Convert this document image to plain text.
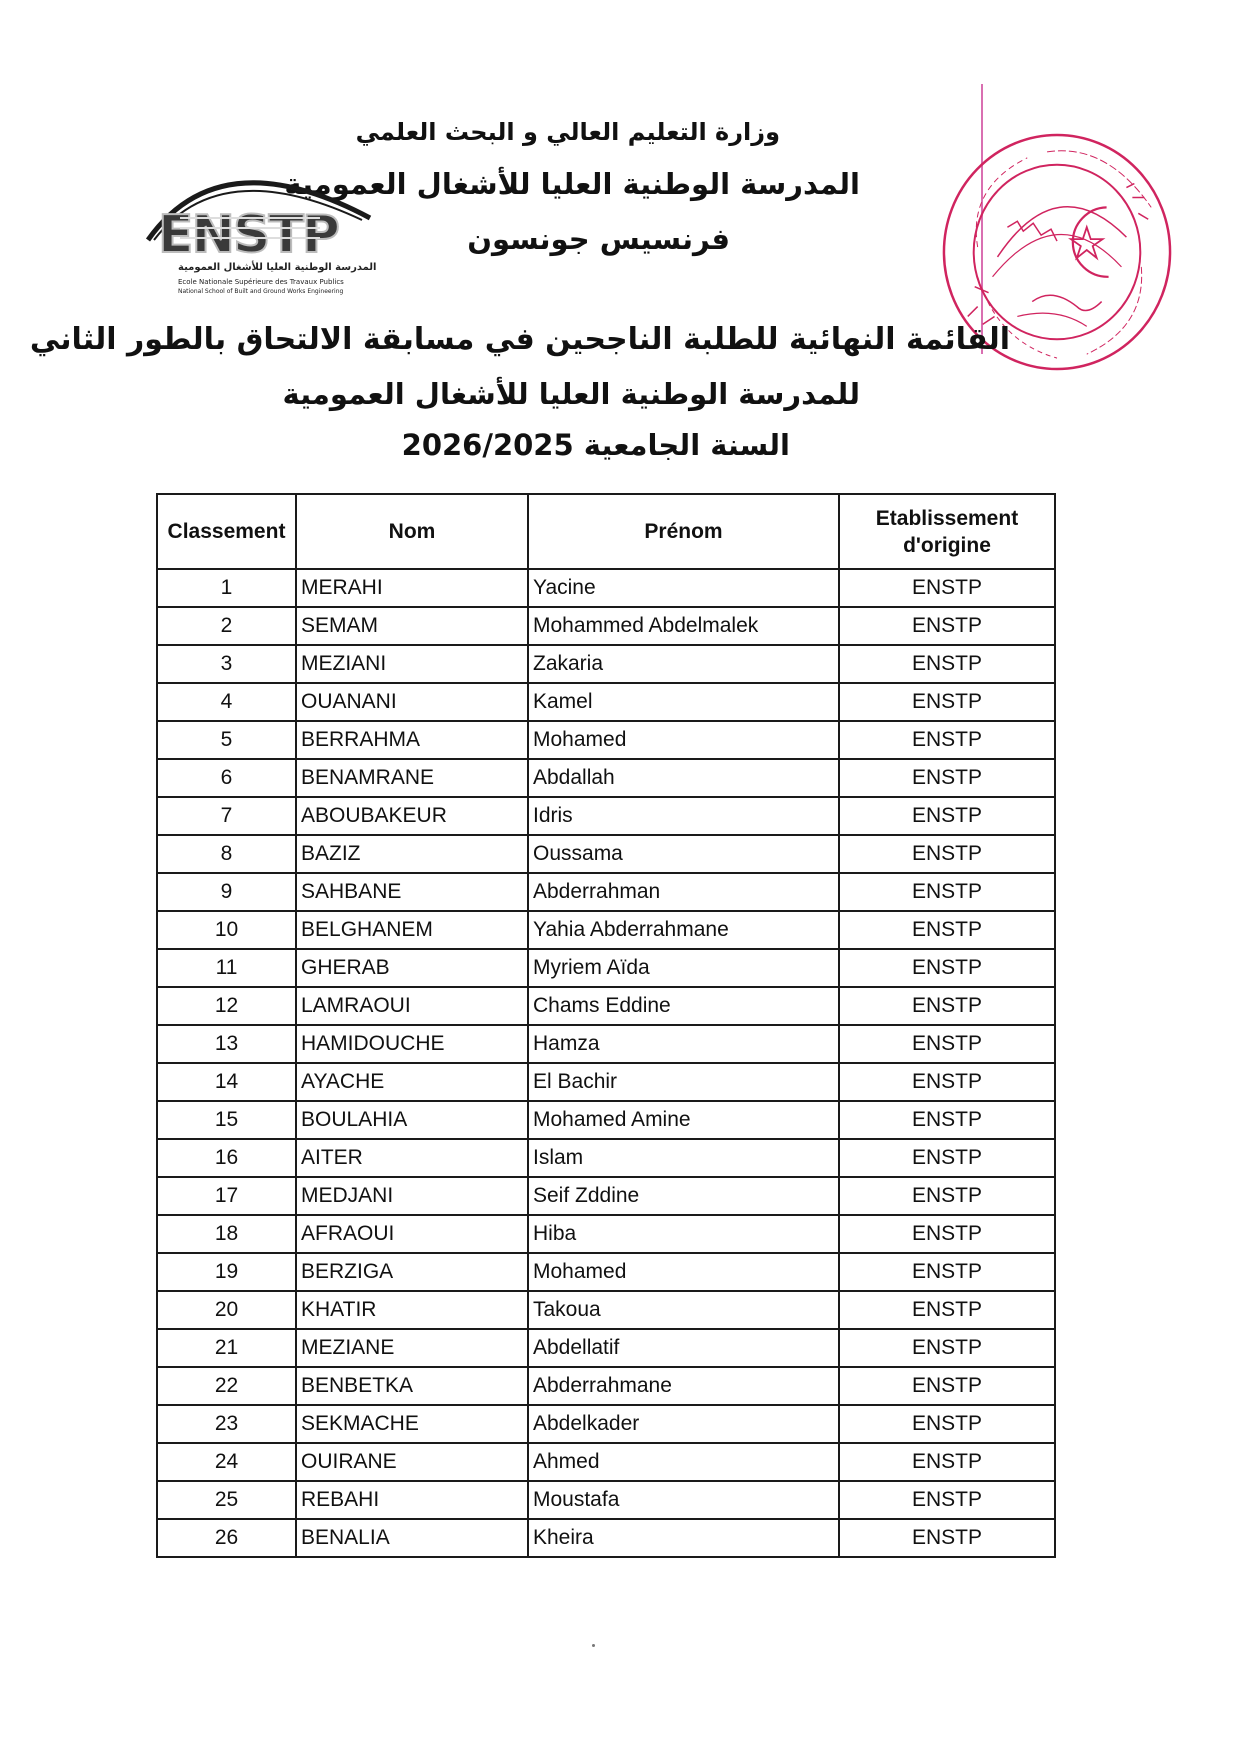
وزارة التعليم العالي و البحث العلمي
المدرسة الوطنية العليا للأشغال العمومية
فرنسيس جونسون
ENSTP
المدرسة الوطنية العليا للأشغال العمومية
Ecole Nationale Supérieure des Travaux Publics
National School of Built and Ground Works Engineering
القائمة النهائية للطلبة الناجحين في مسابقة الالتحاق بالطور الثاني
للمدرسة الوطنية العليا للأشغال العمومية
السنة الجامعية 2026/2025
Classement	Nom	Prénom	Etablissement
d'origine
1	MERAHI	Yacine	ENSTP
2	SEMAM	Mohammed Abdelmalek	ENSTP
3	MEZIANI	Zakaria	ENSTP
4	OUANANI	Kamel	ENSTP
5	BERRAHMA	Mohamed	ENSTP
6	BENAMRANE	Abdallah	ENSTP
7	ABOUBAKEUR	Idris	ENSTP
8	BAZIZ	Oussama	ENSTP
9	SAHBANE	Abderrahman	ENSTP
10	BELGHANEM	Yahia Abderrahmane	ENSTP
11	GHERAB	Myriem Aïda	ENSTP
12	LAMRAOUI	Chams Eddine	ENSTP
13	HAMIDOUCHE	Hamza	ENSTP
14	AYACHE	El Bachir	ENSTP
15	BOULAHIA	Mohamed Amine	ENSTP
16	AITER	Islam	ENSTP
17	MEDJANI	Seif Zddine	ENSTP
18	AFRAOUI	Hiba	ENSTP
19	BERZIGA	Mohamed	ENSTP
20	KHATIR	Takoua	ENSTP
21	MEZIANE	Abdellatif	ENSTP
22	BENBETKA	Abderrahmane	ENSTP
23	SEKMACHE	Abdelkader	ENSTP
24	OUIRANE	Ahmed	ENSTP
25	REBAHI	Moustafa	ENSTP
26	BENALIA	Kheira	ENSTP
